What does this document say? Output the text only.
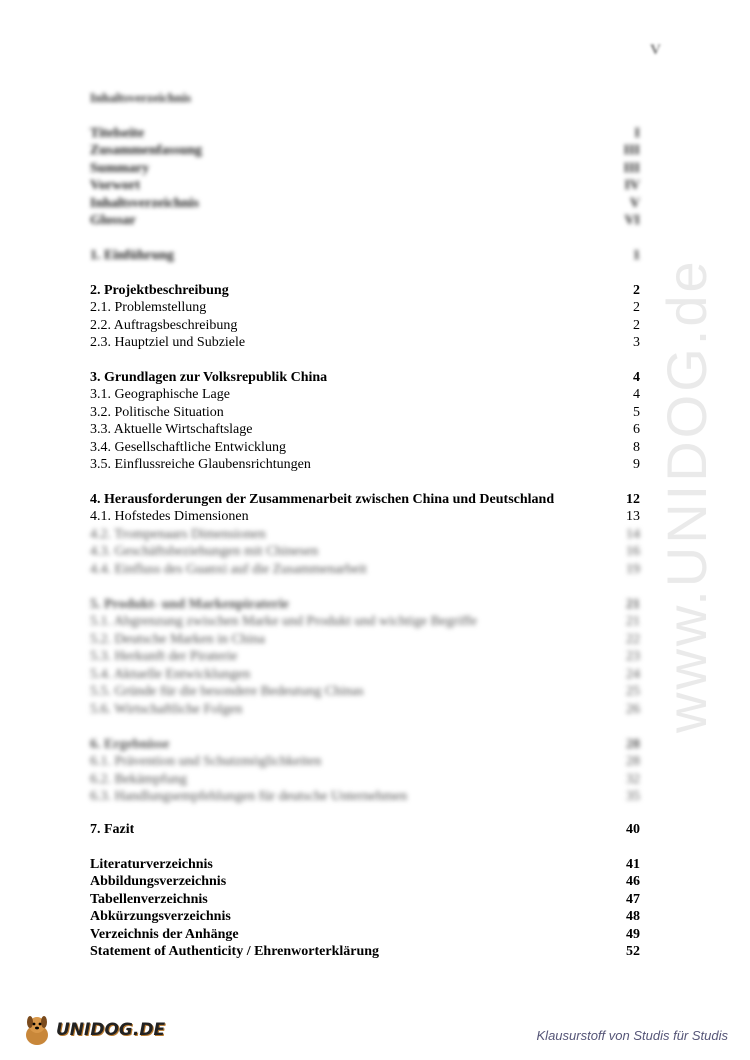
www.UNIDOG.de
V
Inhaltsverzeichnis
Titelseite	I
Zusammenfassung	III
Summary	III
Vorwort	IV
Inhaltsverzeichnis	V
Glossar	VI
1. Einführung	1
2. Projektbeschreibung	2
2.1. Problemstellung	2
2.2. Auftragsbeschreibung	2
2.3. Hauptziel und Subziele	3
3. Grundlagen zur Volksrepublik China	4
3.1. Geographische Lage	4
3.2. Politische Situation	5
3.3. Aktuelle Wirtschaftslage	6
3.4. Gesellschaftliche Entwicklung	8
3.5. Einflussreiche Glaubensrichtungen	9
4. Herausforderungen der Zusammenarbeit zwischen China und Deutschland	12
4.1. Hofstedes Dimensionen	13
4.2. Trompenaars Dimensionen	14
4.3. Geschäftsbeziehungen mit Chinesen	16
4.4. Einfluss des Guanxi auf die Zusammenarbeit	19
5. Produkt- und Markenpiraterie	21
5.1. Abgrenzung zwischen Marke und Produkt und wichtige Begriffe	21
5.2. Deutsche Marken in China	22
5.3. Herkunft der Piraterie	23
5.4. Aktuelle Entwicklungen	24
5.5. Gründe für die besondere Bedeutung Chinas	25
5.6. Wirtschaftliche Folgen	26
6. Ergebnisse	28
6.1. Prävention und Schutzmöglichkeiten	28
6.2. Bekämpfung	32
6.3. Handlungsempfehlungen für deutsche Unternehmen	35
7. Fazit	40
Literaturverzeichnis	41
Abbildungsverzeichnis	46
Tabellenverzeichnis	47
Abkürzungsverzeichnis	48
Verzeichnis der Anhänge	49
Statement of Authenticity / Ehrenworterklärung	52
UNIDOG.DE	Klausurstoff von Studis für Studis
